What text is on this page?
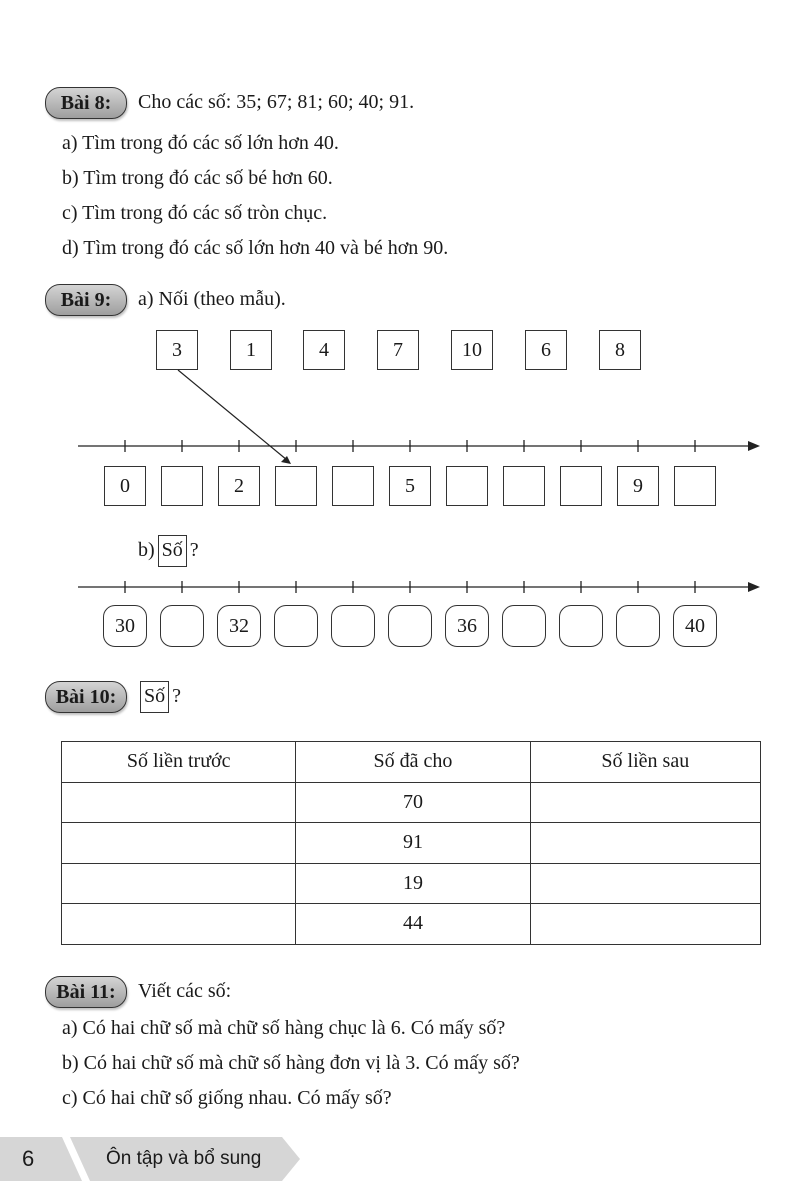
Bài 8:	Cho các số: 35; 67; 81; 60; 40; 91.
a) Tìm trong đó các số lớn hơn 40.
b) Tìm trong đó các số bé hơn 60.
c) Tìm trong đó các số tròn chục.
d) Tìm trong đó các số lớn hơn 40 và bé hơn 90.
Bài 9:	a) Nối (theo mẫu).
3	1	4	7	10	6	8
0	2	5	9
b) Số ?
30	32	36	40
Bài 10:	Số ?
Số liền trước	Số đã cho	Số liền sau
	70	
	91	
	19	
	44	
Bài 11:	Viết các số:
a) Có hai chữ số mà chữ số hàng chục là 6. Có mấy số?
b) Có hai chữ số mà chữ số hàng đơn vị là 3. Có mấy số?
c) Có hai chữ số giống nhau. Có mấy số?
6	Ôn tập và bổ sung
